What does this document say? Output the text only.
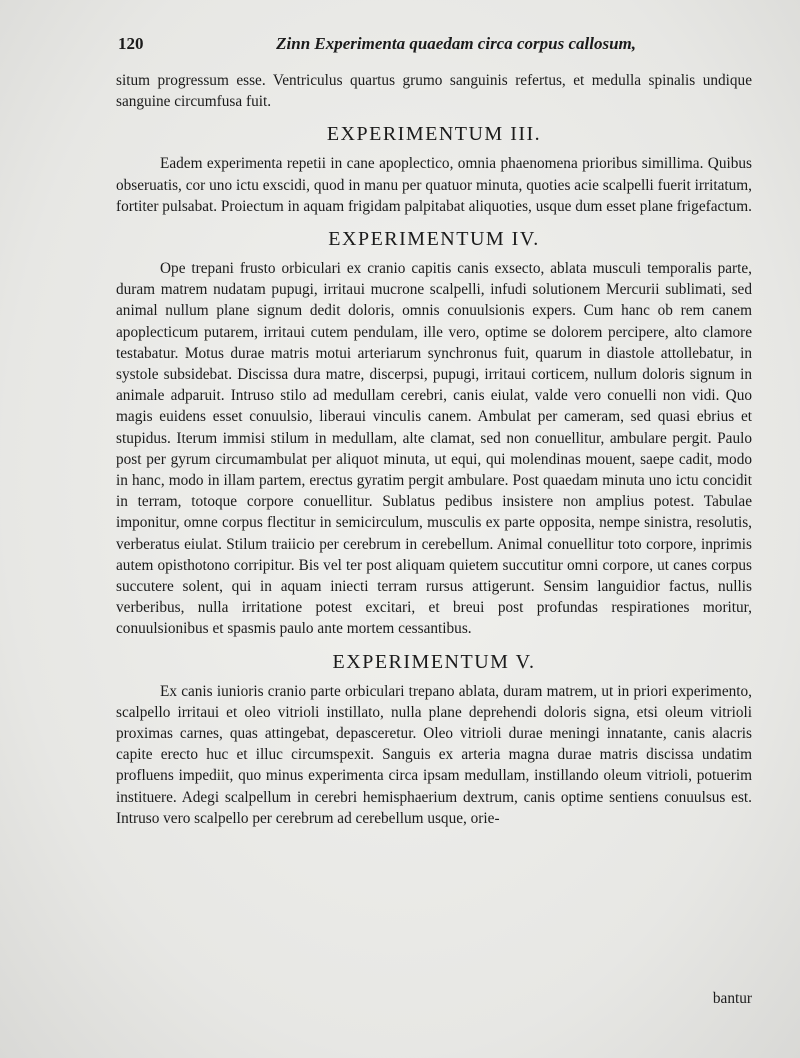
120	Zinn Experimenta quaedam circa corpus callosum,

situm progressum esse. Ventriculus quartus grumo sanguinis refertus, et medulla spinalis undique sanguine circumfusa fuit.

EXPERIMENTUM III.

Eadem experimenta repetii in cane apoplectico, omnia phaenomena prioribus simillima. Quibus obseruatis, cor uno ictu exscidi, quod in manu per quatuor minuta, quoties acie scalpelli fuerit irritatum, fortiter pulsabat. Proiectum in aquam frigidam palpitabat aliquoties, usque dum esset plane frigefactum.

EXPERIMENTUM IV.

Ope trepani frusto orbiculari ex cranio capitis canis exsecto, ablata musculi temporalis parte, duram matrem nudatam pupugi, irritaui mucrone scalpelli, infudi solutionem Mercurii sublimati, sed animal nullum plane signum dedit doloris, omnis conuulsionis expers. Cum hanc ob rem canem apoplecticum putarem, irritaui cutem pendulam, ille vero, optime se dolorem percipere, alto clamore testabatur. Motus durae matris motui arteriarum synchronus fuit, quarum in diastole attollebatur, in systole subsidebat. Discissa dura matre, discerpsi, pupugi, irritaui corticem, nullum doloris signum in animale adparuit. Intruso stilo ad medullam cerebri, canis eiulat, valde vero conuelli non vidi. Quo magis euidens esset conuulsio, liberaui vinculis canem. Ambulat per cameram, sed quasi ebrius et stupidus. Iterum immisi stilum in medullam, alte clamat, sed non conuellitur, ambulare pergit. Paulo post per gyrum circumambulat per aliquot minuta, ut equi, qui molendinas mouent, saepe cadit, modo in hanc, modo in illam partem, erectus gyratim pergit ambulare. Post quaedam minuta uno ictu concidit in terram, totoque corpore conuellitur. Sublatus pedibus insistere non amplius potest. Tabulae imponitur, omne corpus flectitur in semicirculum, musculis ex parte opposita, nempe sinistra, resolutis, verberatus eiulat. Stilum traiicio per cerebrum in cerebellum. Animal conuellitur toto corpore, inprimis autem opisthotono corripitur. Bis vel ter post aliquam quietem succutitur omni corpore, ut canes corpus succutere solent, qui in aquam iniecti terram rursus attigerunt. Sensim languidior factus, nullis verberibus, nulla irritatione potest excitari, et breui post profundas respirationes moritur, conuulsionibus et spasmis paulo ante mortem cessantibus.

EXPERIMENTUM V.

Ex canis iunioris cranio parte orbiculari trepano ablata, duram matrem, ut in priori experimento, scalpello irritaui et oleo vitrioli instillato, nulla plane deprehendi doloris signa, etsi oleum vitrioli proximas carnes, quas attingebat, depasceretur. Oleo vitrioli durae meningi innatante, canis alacris capite erecto huc et illuc circumspexit. Sanguis ex arteria magna durae matris discissa undatim profluens impediit, quo minus experimenta circa ipsam medullam, instillando oleum vitrioli, potuerim instituere. Adegi scalpellum in cerebri hemisphaerium dextrum, canis optime sentiens conuulsus est. Intruso vero scalpello per cerebrum ad cerebellum usque, orie-

bantur
